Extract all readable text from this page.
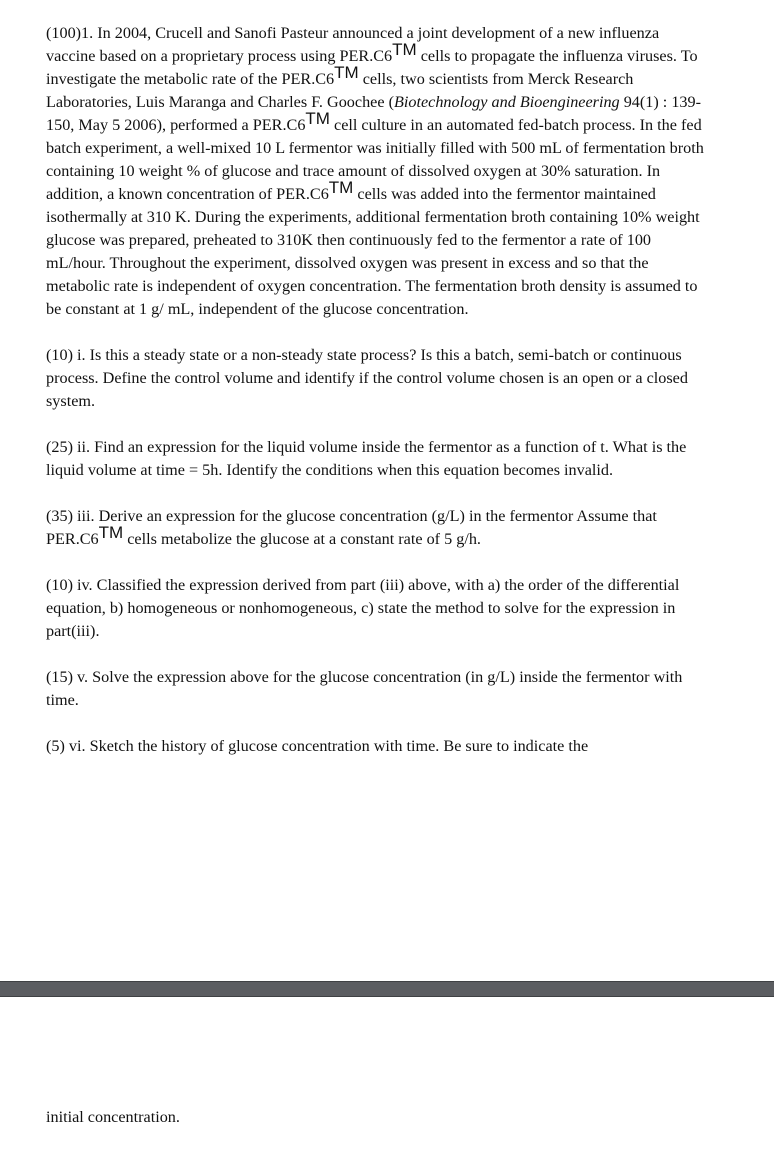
(100)1. In 2004, Crucell and Sanofi Pasteur announced a joint development of a new influenza vaccine based on a proprietary process using PER.C6TM cells to propagate the influenza viruses. To investigate the metabolic rate of the PER.C6TM cells, two scientists from Merck Research Laboratories, Luis Maranga and Charles F. Goochee (Biotechnology and Bioengineering 94(1) : 139-150, May 5 2006), performed a PER.C6TM cell culture in an automated fed-batch process. In the fed batch experiment, a well-mixed 10 L fermentor was initially filled with 500 mL of fermentation broth containing 10 weight % of glucose and trace amount of dissolved oxygen at 30% saturation. In addition, a known concentration of PER.C6TM cells was added into the fermentor maintained isothermally at 310 K. During the experiments, additional fermentation broth containing 10% weight glucose was prepared, preheated to 310K then continuously fed to the fermentor a rate of 100 mL/hour. Throughout the experiment, dissolved oxygen was present in excess and so that the metabolic rate is independent of oxygen concentration. The fermentation broth density is assumed to be constant at 1 g/ mL, independent of the glucose concentration.

(10) i. Is this a steady state or a non-steady state process? Is this a batch, semi-batch or continuous process. Define the control volume and identify if the control volume chosen is an open or a closed system.

(25) ii. Find an expression for the liquid volume inside the fermentor as a function of t. What is the liquid volume at time = 5h. Identify the conditions when this equation becomes invalid.

(35) iii. Derive an expression for the glucose concentration (g/L) in the fermentor Assume that PER.C6TM cells metabolize the glucose at a constant rate of 5 g/h.

(10) iv. Classified the expression derived from part (iii) above, with a) the order of the differential equation, b) homogeneous or nonhomogeneous, c) state the method to solve for the expression in part(iii).

(15) v. Solve the expression above for the glucose concentration (in g/L) inside the fermentor with time.

(5) vi. Sketch the history of glucose concentration with time. Be sure to indicate the

initial concentration.
